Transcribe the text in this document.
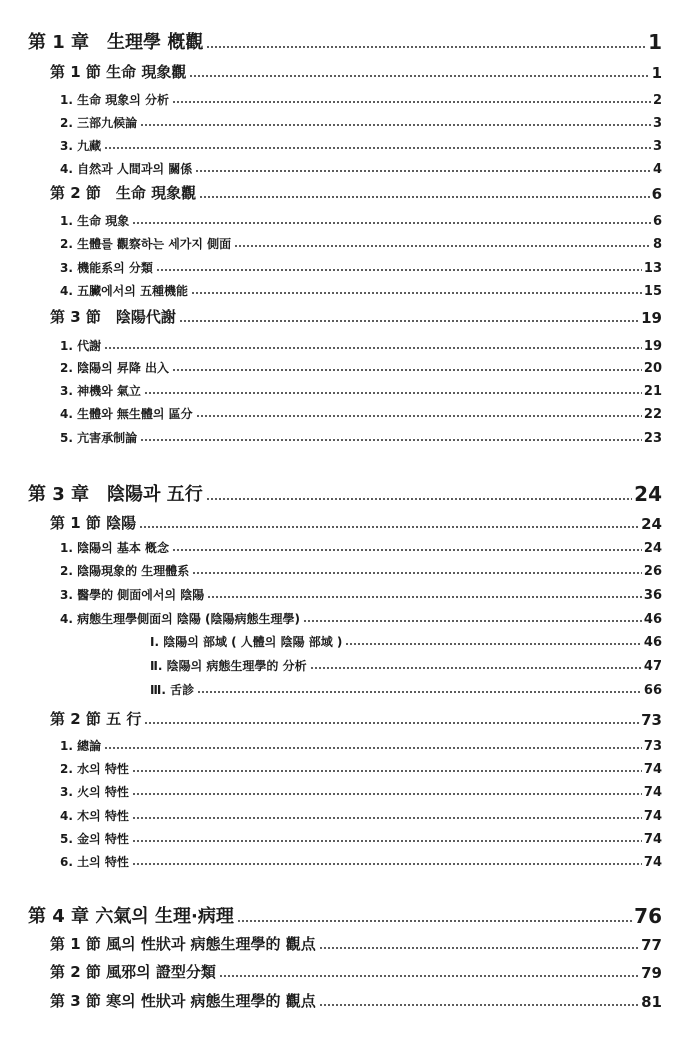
第 1 章　生理學 槪觀	1
第 1 節 生命 現象觀	1
1. 生命 現象의 分析	2
2. 三部九候論	3
3. 九藏	3
4. 自然과 人間과의 關係	4
第 2 節　生命 現象觀	6
1. 生命 現象	6
2. 生體를 觀察하는 세가지 側面	8
3. 機能系의 分類	13
4. 五臟에서의 五種機能	15
第 3 節　陰陽代謝	19
1. 代謝	19
2. 陰陽의 昇降 出入	20
3. 神機와 氣立	21
4. 生體와 無生體의 區分	22
5. 亢害承制論	23
第 3 章　陰陽과 五行	24
第 1 節 陰陽	24
1. 陰陽의 基本 槪念	24
2. 陰陽現象的 生理體系	26
3. 醫學的 側面에서의 陰陽	36
4. 病態生理學側面의 陰陽 (陰陽病態生理學)	46
Ⅰ. 陰陽의 部域 ( 人體의 陰陽 部域 )	46
Ⅱ. 陰陽의 病態生理學的 分析	47
Ⅲ. 舌診	66
第 2 節 五 行	73
1. 總論	73
2. 水의 特性	74
3. 火의 特性	74
4. 木의 特性	74
5. 金의 特性	74
6. 土의 特性	74
第 4 章 六氣의 生理·病理	76
第 1 節 風의 性狀과 病態生理學的 觀点	77
第 2 節 風邪의 證型分類	79
第 3 節 寒의 性狀과 病態生理學的 觀点	81
